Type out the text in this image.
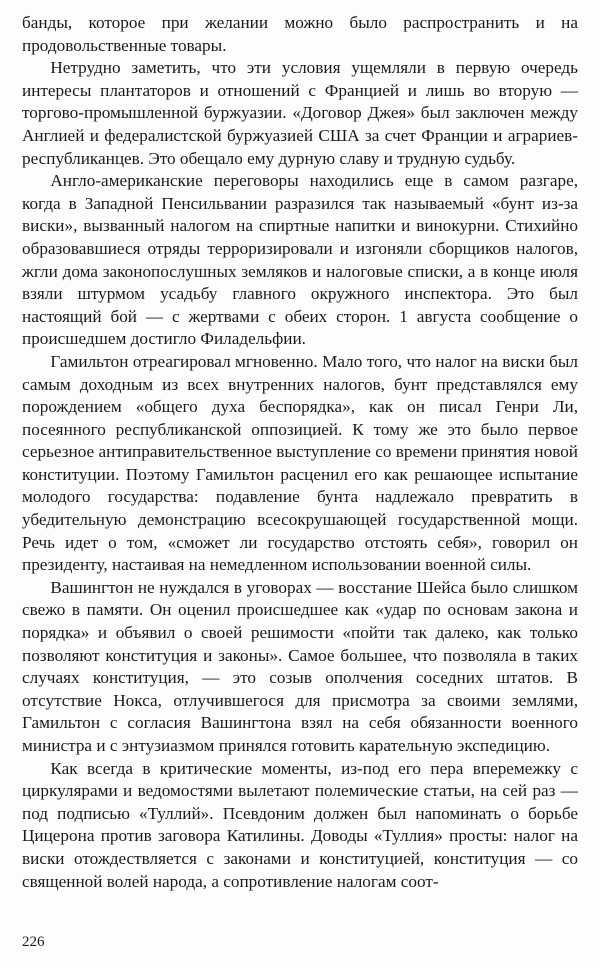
банды, которое при желании можно было распространить и на продовольственные товары.

Нетрудно заметить, что эти условия ущемляли в первую очередь интересы плантаторов и отношений с Францией и лишь во вторую — торгово-промышленной буржуазии. «Договор Джея» был заключен между Англией и федералистской буржуазией США за счет Франции и аграриев-республиканцев. Это обещало ему дурную славу и трудную судьбу.

Англо-американские переговоры находились еще в самом разгаре, когда в Западной Пенсильвании разразился так называемый «бунт из-за виски», вызванный налогом на спиртные напитки и винокурни. Стихийно образовавшиеся отряды терроризировали и изгоняли сборщиков налогов, жгли дома законопослушных земляков и налоговые списки, а в конце июля взяли штурмом усадьбу главного окружного инспектора. Это был настоящий бой — с жертвами с обеих сторон. 1 августа сообщение о происшедшем достигло Филадельфии.

Гамильтон отреагировал мгновенно. Мало того, что налог на виски был самым доходным из всех внутренних налогов, бунт представлялся ему порождением «общего духа беспорядка», как он писал Генри Ли, посеянного республиканской оппозицией. К тому же это было первое серьезное антиправительственное выступление со времени принятия новой конституции. Поэтому Гамильтон расценил его как решающее испытание молодого государства: подавление бунта надлежало превратить в убедительную демонстрацию всесокрушающей государственной мощи. Речь идет о том, «сможет ли государство отстоять себя», говорил он президенту, настаивая на немедленном использовании военной силы.

Вашингтон не нуждался в уговорах — восстание Шейса было слишком свежо в памяти. Он оценил происшедшее как «удар по основам закона и порядка» и объявил о своей решимости «пойти так далеко, как только позволяют конституция и законы». Самое большее, что позволяла в таких случаях конституция, — это созыв ополчения соседних штатов. В отсутствие Нокса, отлучившегося для присмотра за своими землями, Гамильтон с согласия Вашингтона взял на себя обязанности военного министра и с энтузиазмом принялся готовить карательную экспедицию.

Как всегда в критические моменты, из-под его пера вперемежку с циркулярами и ведомостями вылетают полемические статьи, на сей раз — под подписью «Туллий». Псевдоним должен был напоминать о борьбе Цицерона против заговора Катилины. Доводы «Туллия» просты: налог на виски отождествляется с законами и конституцией, конституция — со священной волей народа, а сопротивление налогам соот-

226
